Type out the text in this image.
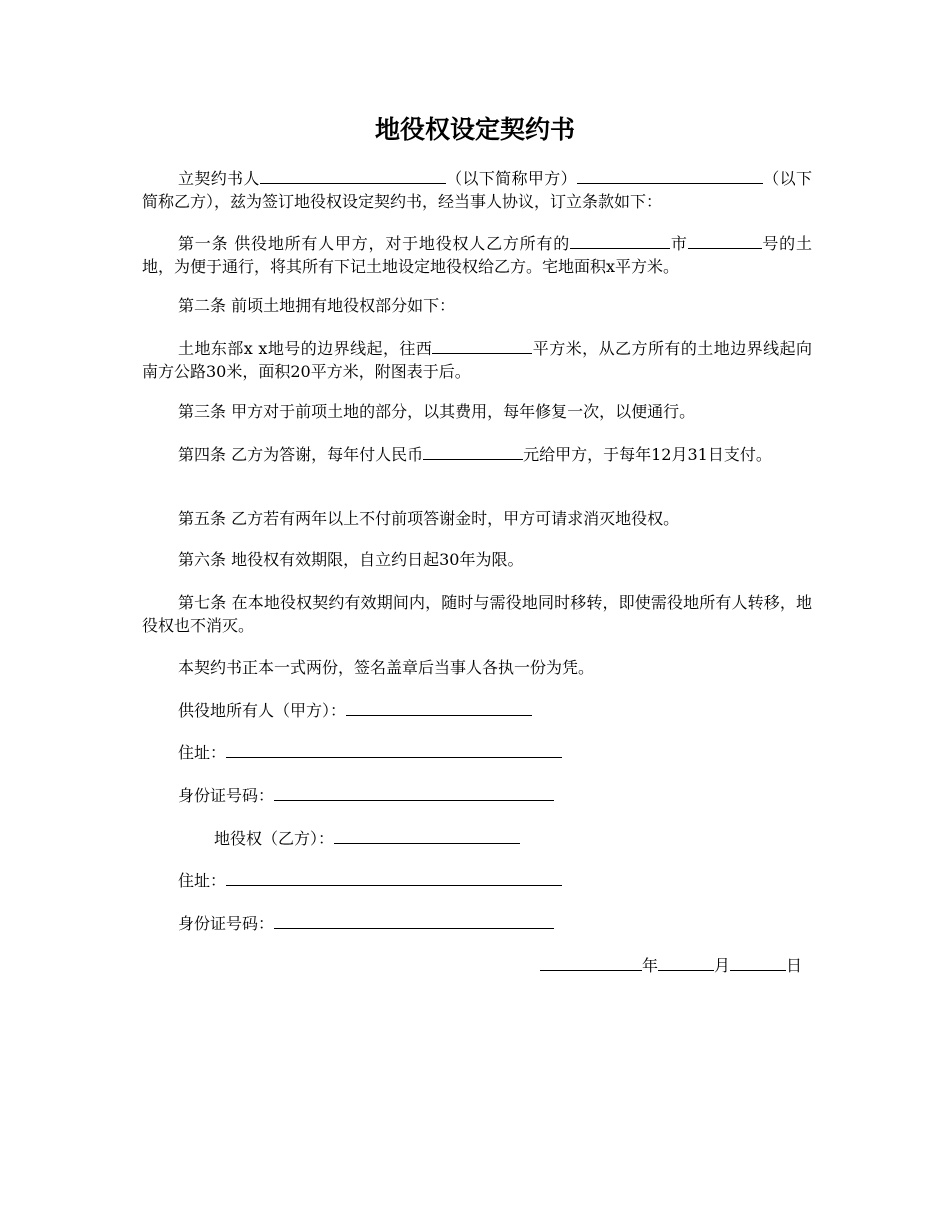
地役权设定契约书
立契约书人	（以下简称甲方）	（以下简称乙方），兹为签订地役权设定契约书，经当事人协议，订立条款如下：
第一条 供役地所有人甲方，对于地役权人乙方所有的	市	号的土地，为便于通行，将其所有下记土地设定地役权给乙方。宅地面积x平方米。
第二条 前顷土地拥有地役权部分如下：
土地东部x x地号的边界线起，往西	平方米，从乙方所有的土地边界线起向南方公路30米，面积20平方米，附图表于后。
第三条 甲方对于前项土地的部分，以其费用，每年修复一次，以便通行。
第四条 乙方为答谢，每年付人民币	元给甲方，于每年12月31日支付。
第五条 乙方若有两年以上不付前项答谢金时，甲方可请求消灭地役权。
第六条 地役权有效期限，自立约日起30年为限。
第七条 在本地役权契约有效期间内，随时与需役地同时移转，即使需役地所有人转移，地役权也不消灭。
本契约书正本一式两份，签名盖章后当事人各执一份为凭。
供役地所有人（甲方）：
住址：
身份证号码：
地役权（乙方）：
住址：
身份证号码：
年	月	日
